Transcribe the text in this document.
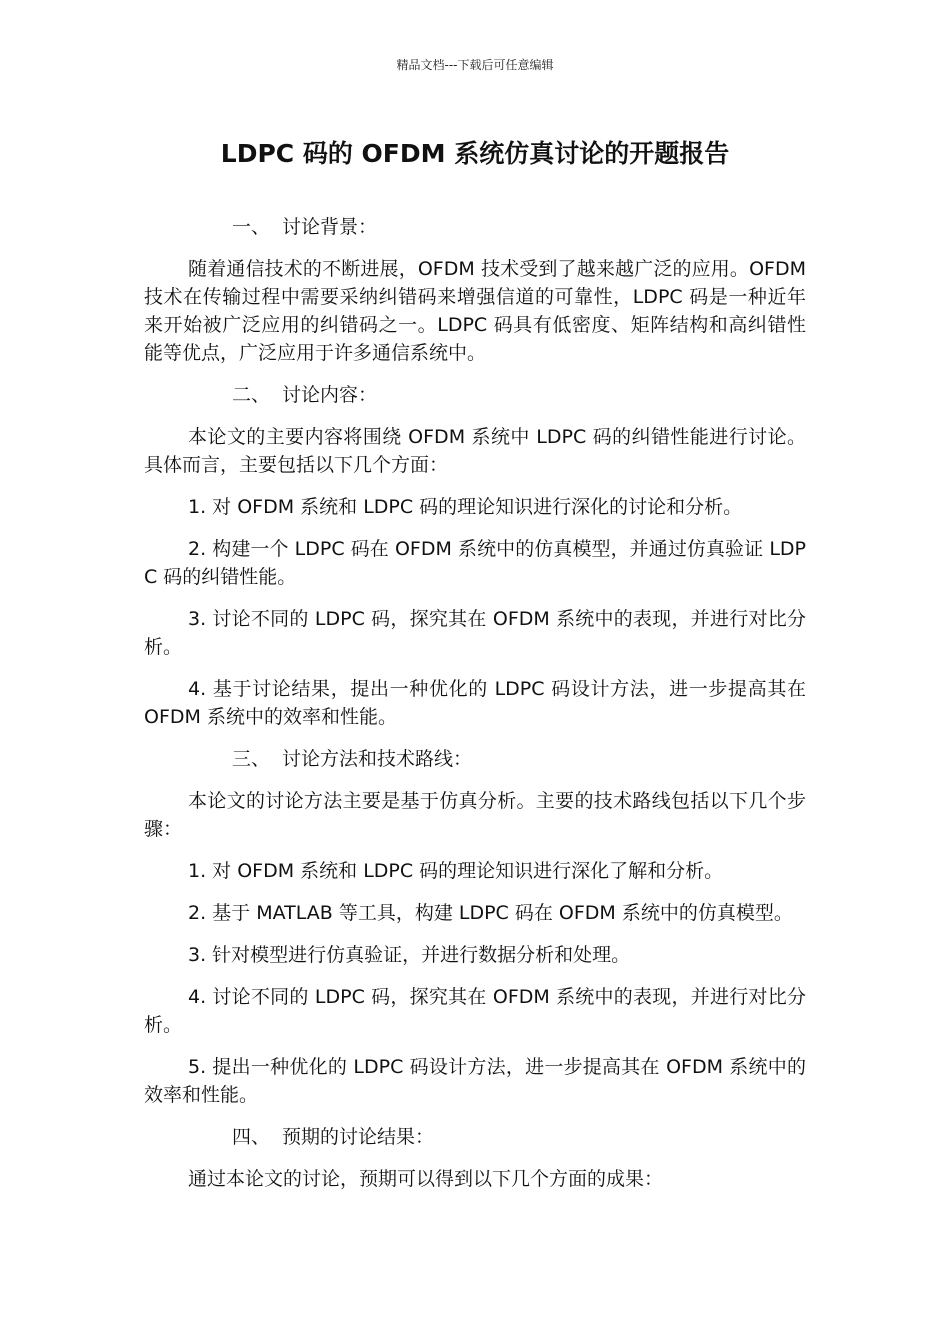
精品文档---下载后可任意编辑
LDPC 码的 OFDM 系统仿真讨论的开题报告

一、 讨论背景：

随着通信技术的不断进展，OFDM 技术受到了越来越广泛的应用。OFDM 技术在传输过程中需要采纳纠错码来增强信道的可靠性，LDPC 码是一种近年来开始被广泛应用的纠错码之一。LDPC 码具有低密度、矩阵结构和高纠错性能等优点，广泛应用于许多通信系统中。

二、 讨论内容：

本论文的主要内容将围绕 OFDM 系统中 LDPC 码的纠错性能进行讨论。具体而言，主要包括以下几个方面：

1. 对 OFDM 系统和 LDPC 码的理论知识进行深化的讨论和分析。

2. 构建一个 LDPC 码在 OFDM 系统中的仿真模型，并通过仿真验证 LDPC 码的纠错性能。

3. 讨论不同的 LDPC 码，探究其在 OFDM 系统中的表现，并进行对比分析。

4. 基于讨论结果，提出一种优化的 LDPC 码设计方法，进一步提高其在 OFDM 系统中的效率和性能。

三、 讨论方法和技术路线：

本论文的讨论方法主要是基于仿真分析。主要的技术路线包括以下几个步骤：

1. 对 OFDM 系统和 LDPC 码的理论知识进行深化了解和分析。

2. 基于 MATLAB 等工具，构建 LDPC 码在 OFDM 系统中的仿真模型。

3. 针对模型进行仿真验证，并进行数据分析和处理。

4. 讨论不同的 LDPC 码，探究其在 OFDM 系统中的表现，并进行对比分析。

5. 提出一种优化的 LDPC 码设计方法，进一步提高其在 OFDM 系统中的效率和性能。

四、 预期的讨论结果：

通过本论文的讨论，预期可以得到以下几个方面的成果：
